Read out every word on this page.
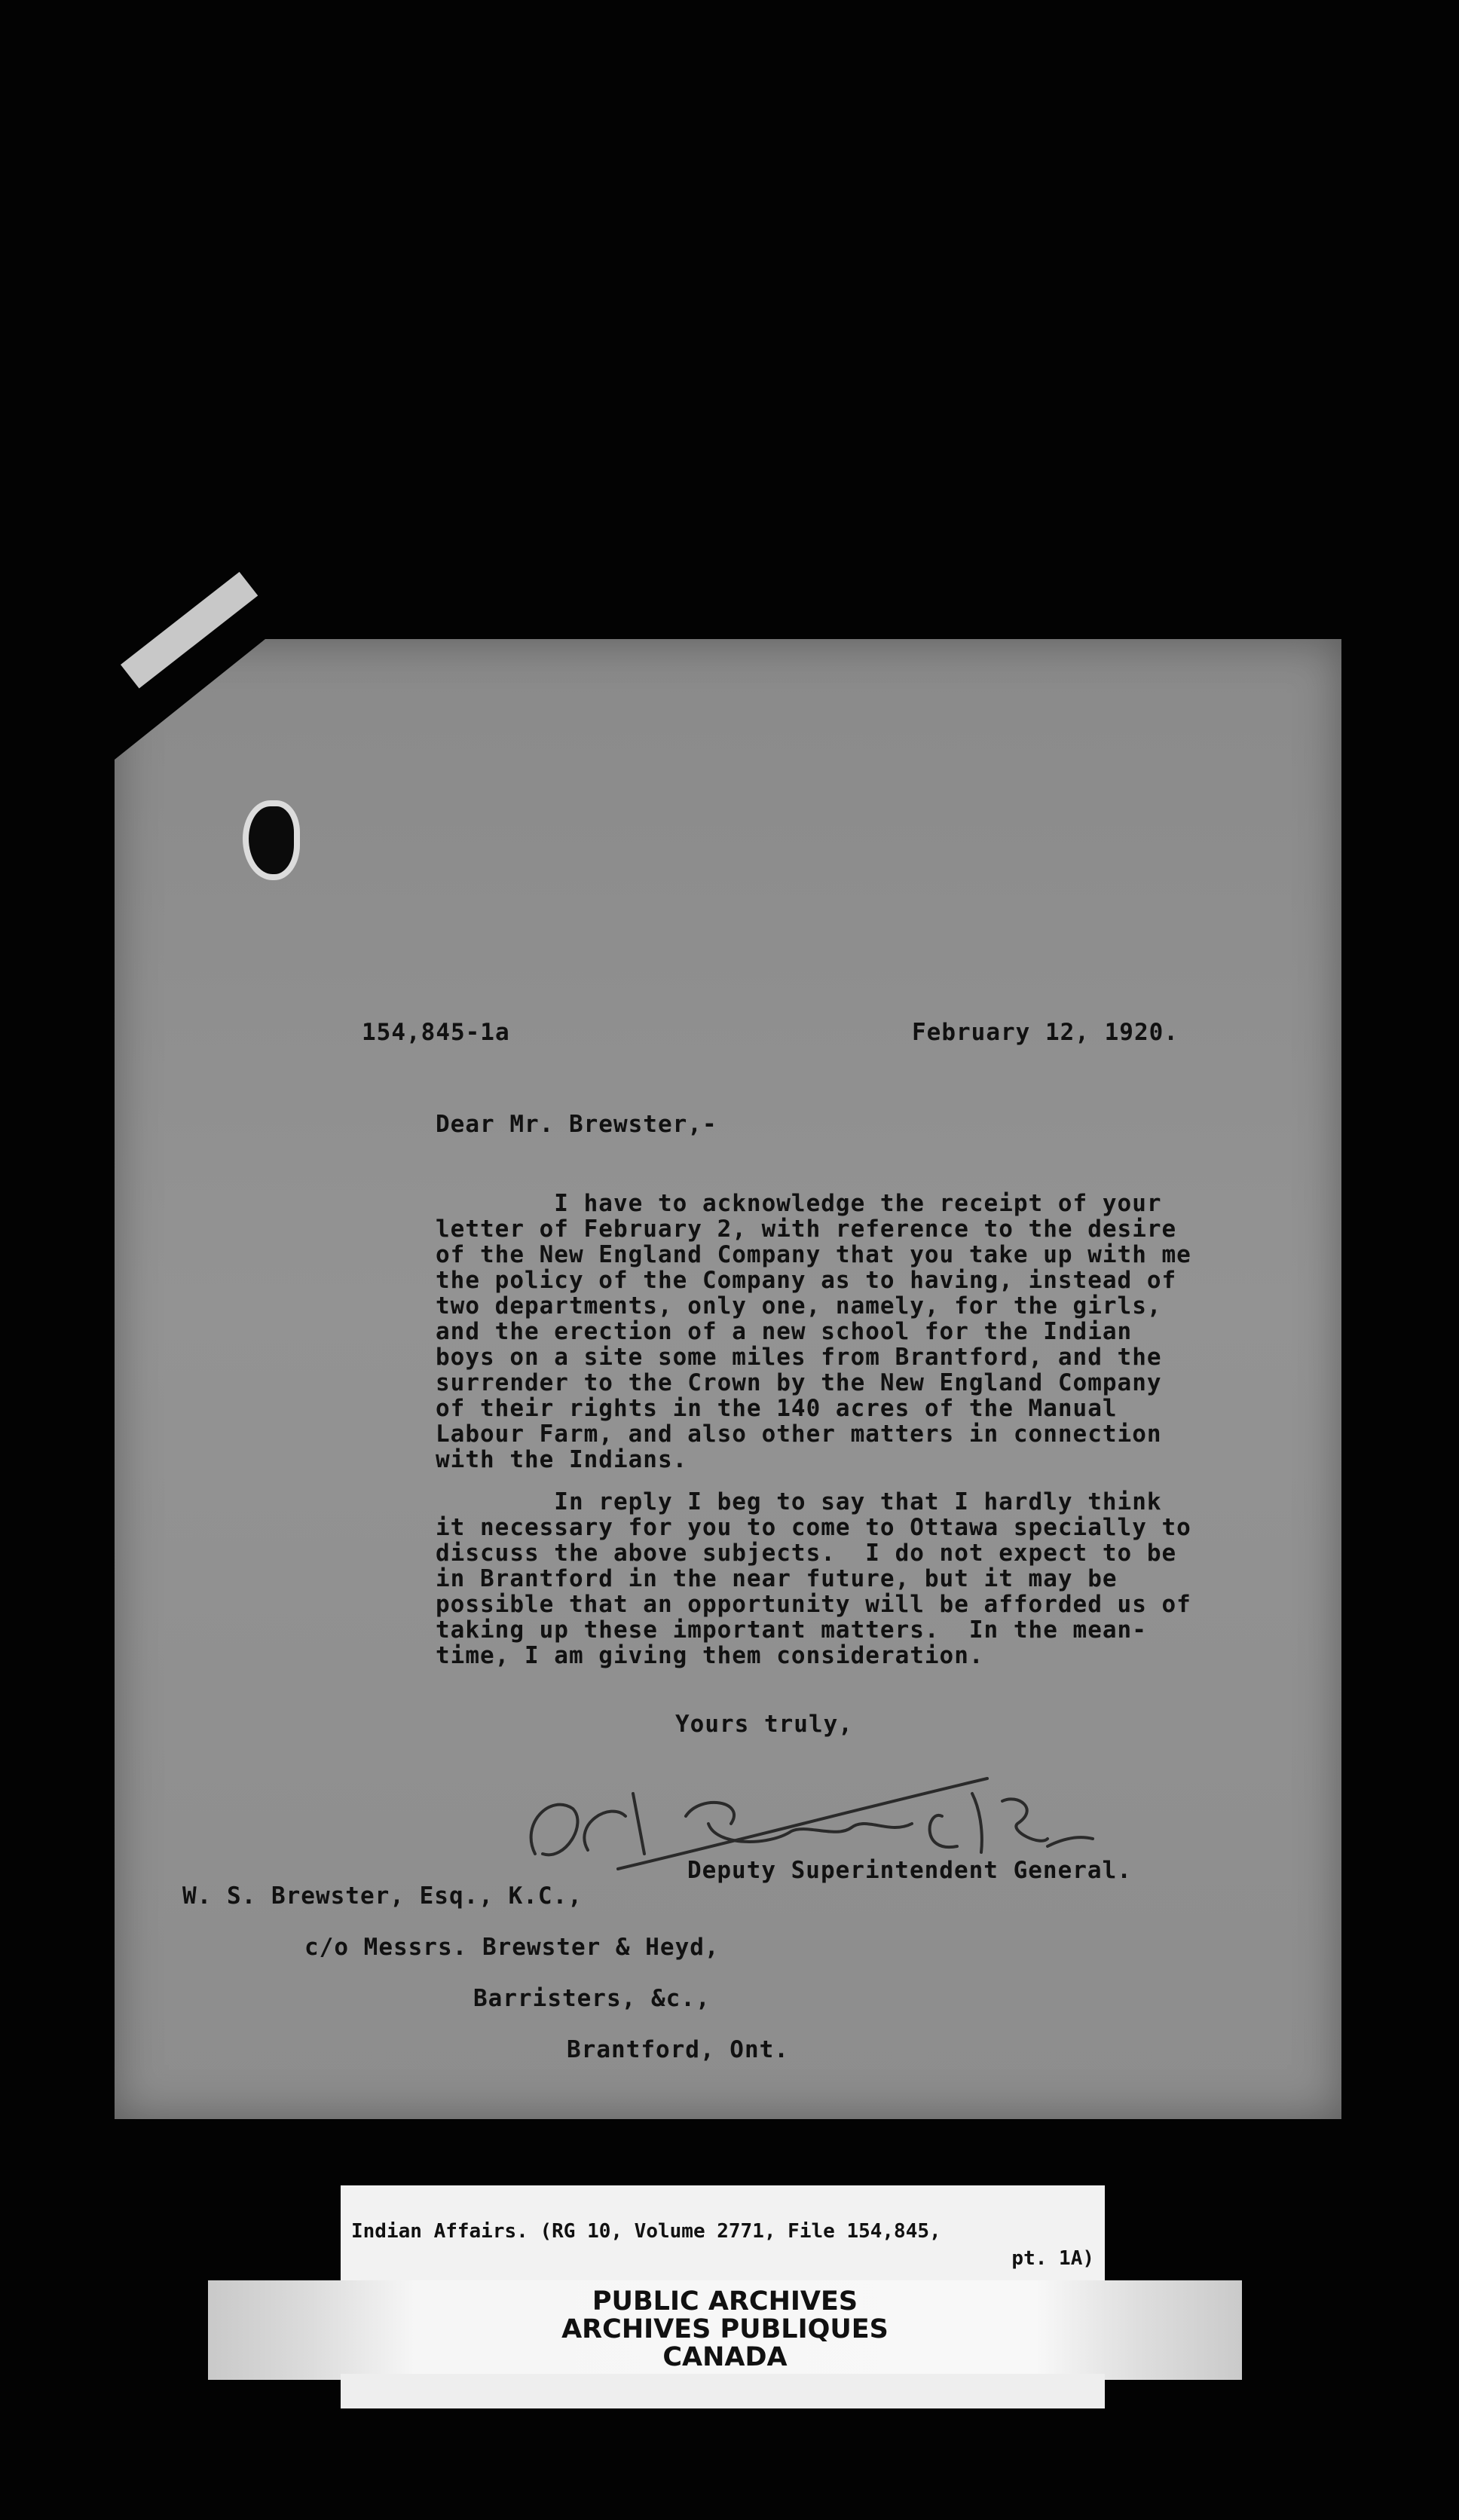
154,845-1a	February 12, 1920.
Dear Mr. Brewster,-
I have to acknowledge the receipt of your
letter of February 2, with reference to the desire
of the New England Company that you take up with me
the policy of the Company as to having, instead of
two departments, only one, namely, for the girls,
and the erection of a new school for the Indian
boys on a site some miles from Brantford, and the
surrender to the Crown by the New England Company
of their rights in the 140 acres of the Manual
Labour Farm, and also other matters in connection
with the Indians.
In reply I beg to say that I hardly think
it necessary for you to come to Ottawa specially to
discuss the above subjects.  I do not expect to be
in Brantford in the near future, but it may be
possible that an opportunity will be afforded us of
taking up these important matters.  In the mean-
time, I am giving them consideration.
Yours truly,
Deputy Superintendent General.
W. S. Brewster, Esq., K.C.,
c/o Messrs. Brewster & Heyd,
Barristers, &c.,
Brantford, Ont.
Indian Affairs. (RG 10, Volume 2771, File 154,845,
pt. 1A)
PUBLIC ARCHIVES
ARCHIVES PUBLIQUES
CANADA
